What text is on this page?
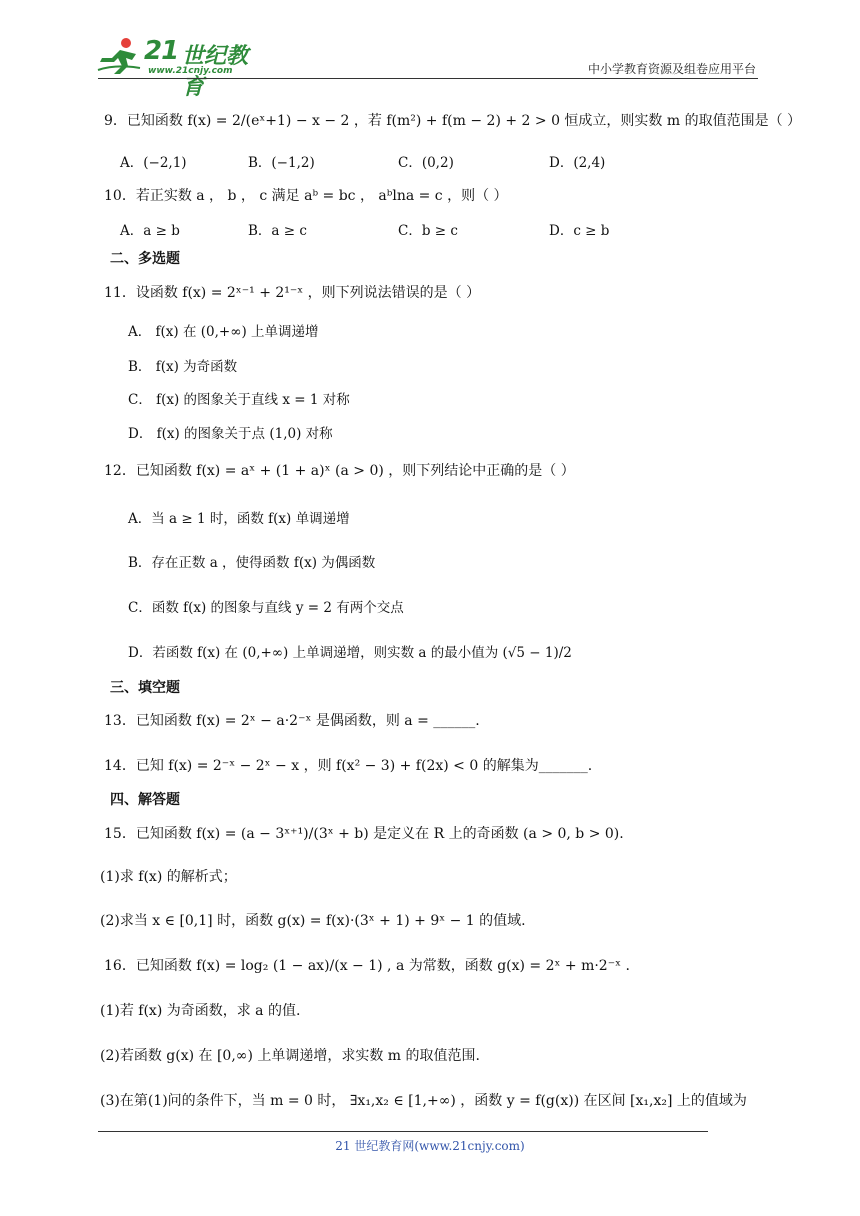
21 世纪教育
www.21cnjy.com	中小学教育资源及组卷应用平台
9．已知函数 f(x) = 2/(eˣ+1) − x − 2 ，若 f(m²) + f(m − 2) + 2 > 0 恒成立，则实数 m 的取值范围是（ ）
A．(−2,1)	B．(−1,2)	C．(0,2)	D．(2,4)
10．若正实数 a ， b ， c 满足 aᵇ = bc ， aᵇlna = c ，则（ ）
A．a ≥ b	B．a ≥ c	C．b ≥ c	D．c ≥ b
二、多选题
11．设函数 f(x) = 2ˣ⁻¹ + 2¹⁻ˣ ，则下列说法错误的是（ ）
A． f(x) 在 (0,+∞) 上单调递增
B． f(x) 为奇函数
C． f(x) 的图象关于直线 x = 1 对称
D． f(x) 的图象关于点 (1,0) 对称
12．已知函数 f(x) = aˣ + (1 + a)ˣ (a > 0) ，则下列结论中正确的是（ ）
A．当 a ≥ 1 时，函数 f(x) 单调递增
B．存在正数 a ，使得函数 f(x) 为偶函数
C．函数 f(x) 的图象与直线 y = 2 有两个交点
D．若函数 f(x) 在 (0,+∞) 上单调递增，则实数 a 的最小值为 (√5 − 1)/2
三、填空题
13．已知函数 f(x) = 2ˣ − a·2⁻ˣ 是偶函数，则 a = ______.
14．已知 f(x) = 2⁻ˣ − 2ˣ − x ，则 f(x² − 3) + f(2x) < 0 的解集为_______.
四、解答题
15．已知函数 f(x) = (a − 3ˣ⁺¹)/(3ˣ + b) 是定义在 R 上的奇函数 (a > 0, b > 0).
(1)求 f(x) 的解析式；
(2)求当 x ∈ [0,1] 时，函数 g(x) = f(x)·(3ˣ + 1) + 9ˣ − 1 的值域.
16．已知函数 f(x) = log₂ (1 − ax)/(x − 1) , a 为常数，函数 g(x) = 2ˣ + m·2⁻ˣ .
(1)若 f(x) 为奇函数，求 a 的值.
(2)若函数 g(x) 在 [0,∞) 上单调递增，求实数 m 的取值范围.
(3)在第(1)问的条件下，当 m = 0 时， ∃x₁,x₂ ∈ [1,+∞) ，函数 y = f(g(x)) 在区间 [x₁,x₂] 上的值域为
21 世纪教育网(www.21cnjy.com)
